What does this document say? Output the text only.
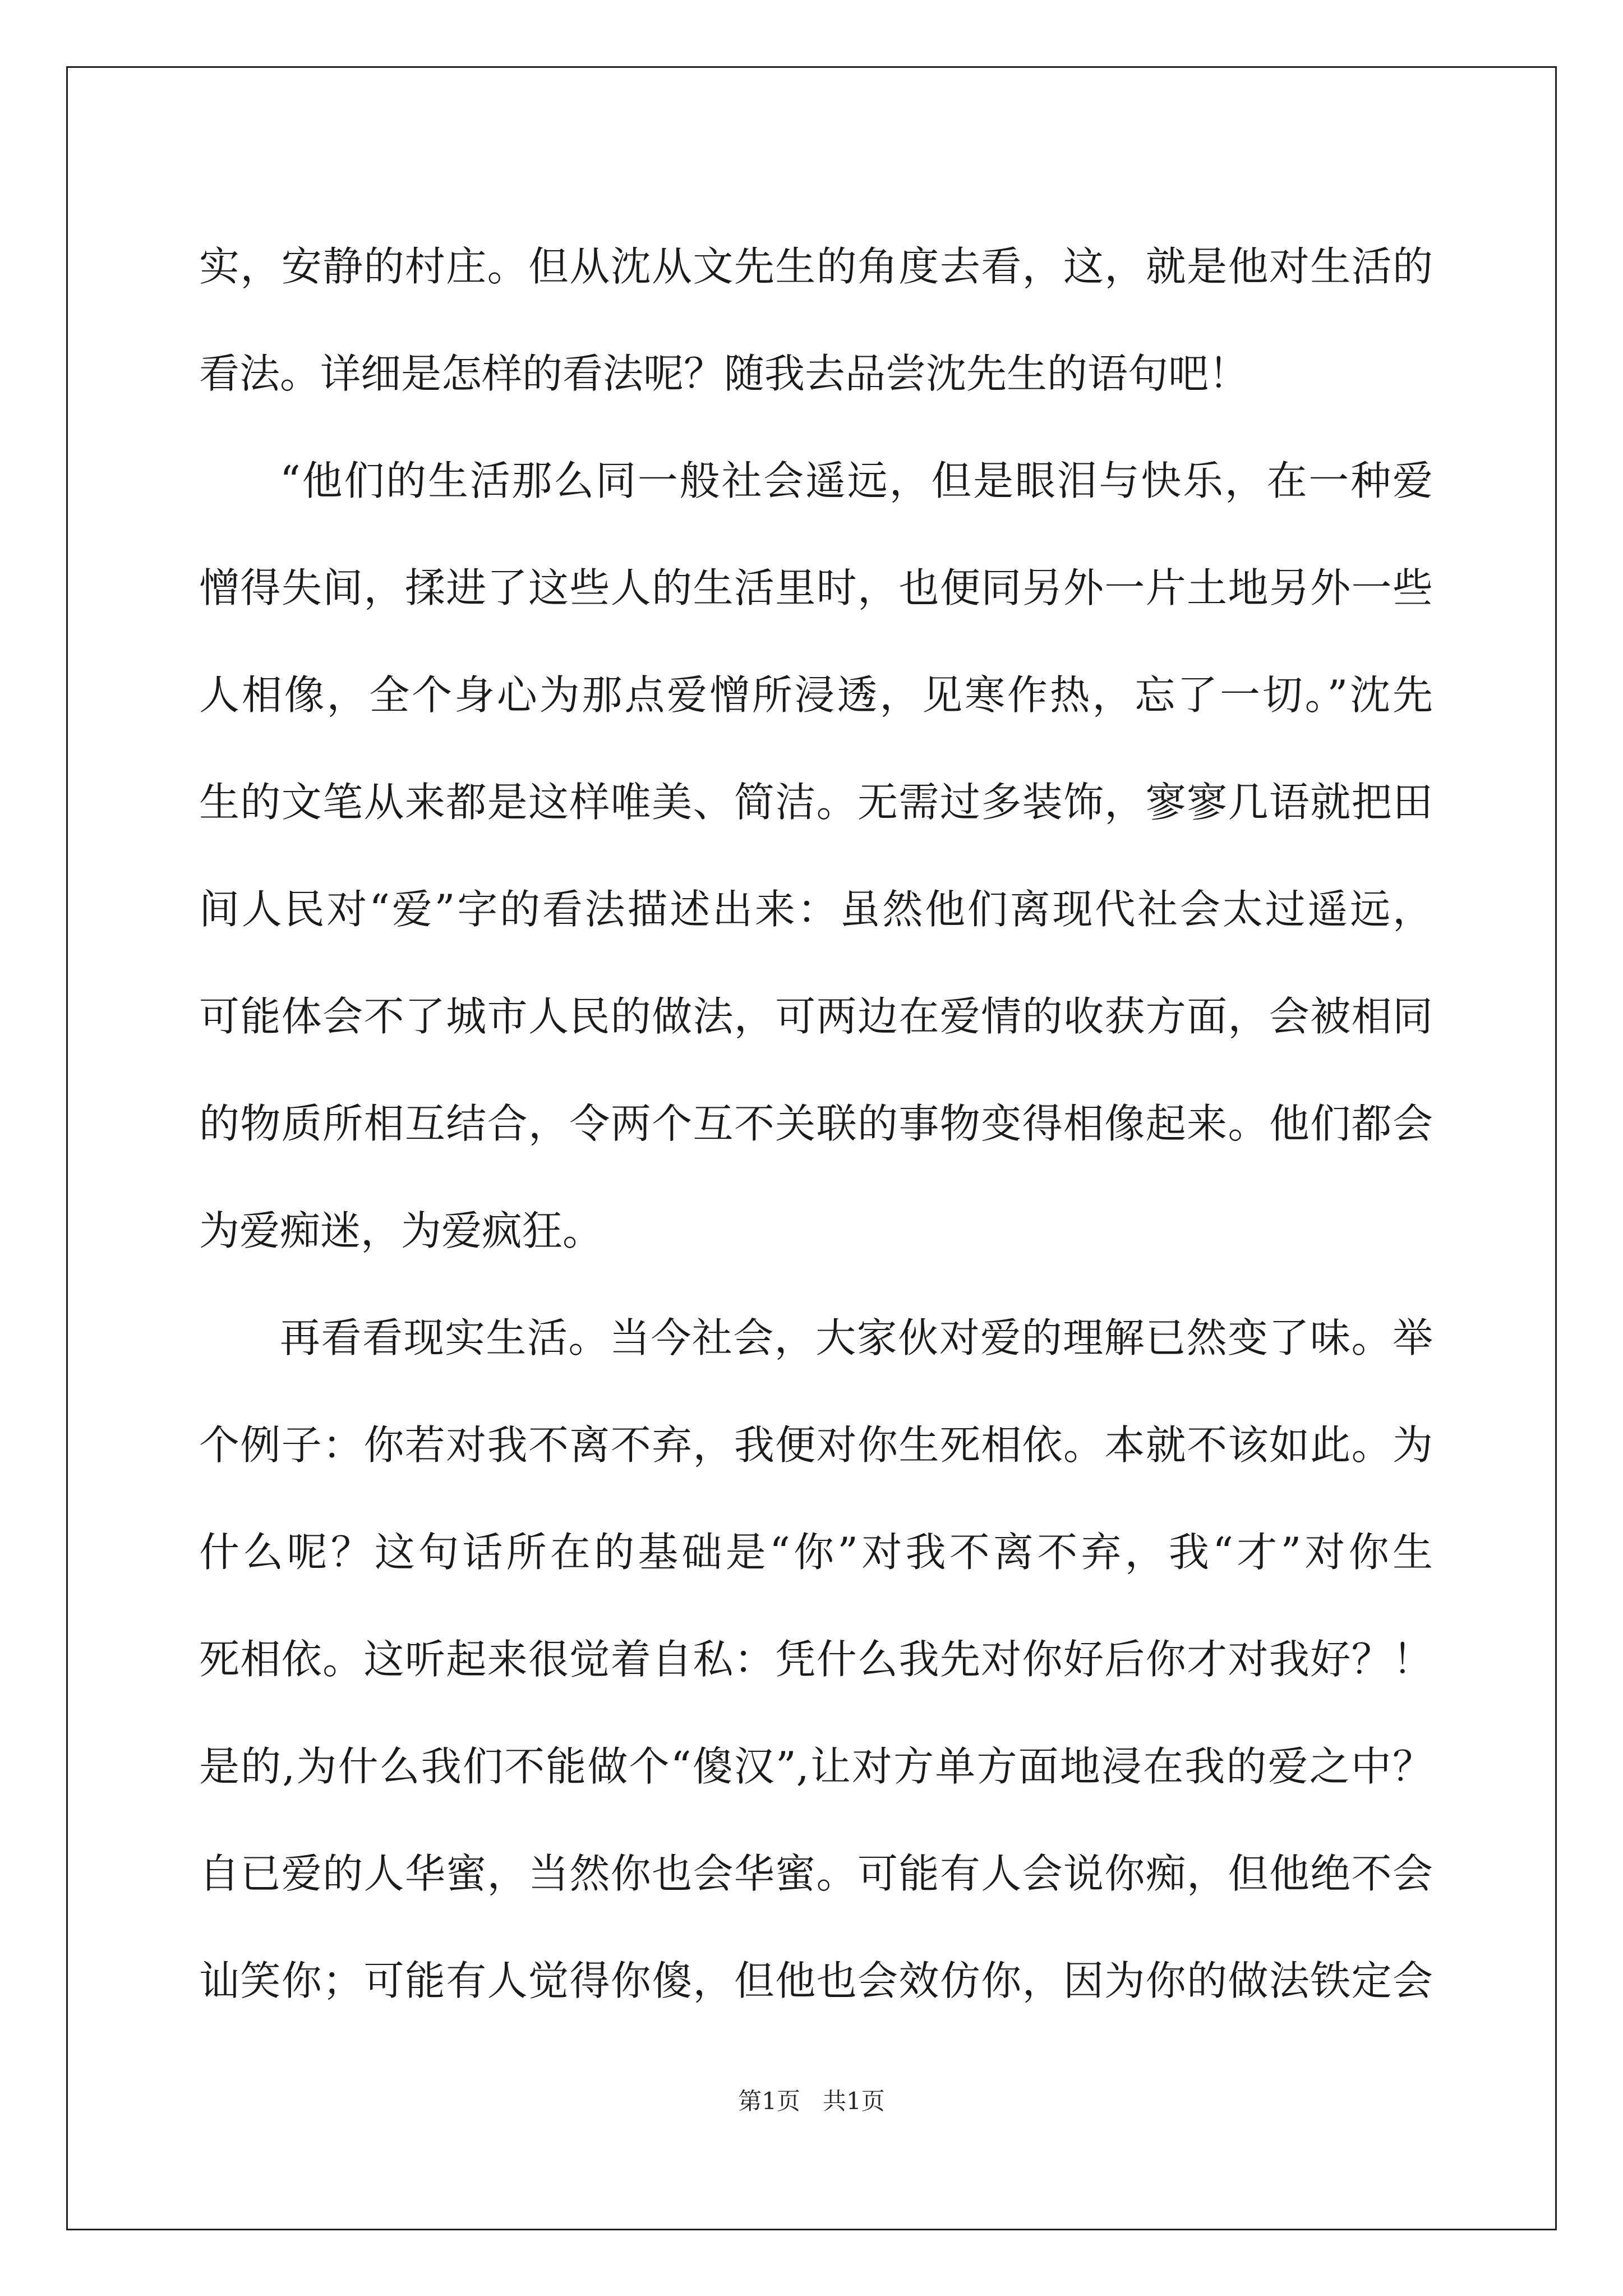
实，安静的村庄。但从沈从文先生的角度去看，这，就是他对生活的
看法。详细是怎样的看法呢？随我去品尝沈先生的语句吧！
“他们的生活那么同一般社会遥远，但是眼泪与快乐，在一种爱
憎得失间，揉进了这些人的生活里时，也便同另外一片土地另外一些
人相像，全个身心为那点爱憎所浸透，见寒作热，忘了一切。”沈先
生的文笔从来都是这样唯美、简洁。无需过多装饰，寥寥几语就把田
间人民对“爱”字的看法描述出来：虽然他们离现代社会太过遥远，
可能体会不了城市人民的做法，可两边在爱情的收获方面，会被相同
的物质所相互结合，令两个互不关联的事物变得相像起来。他们都会
为爱痴迷，为爱疯狂。
再看看现实生活。当今社会，大家伙对爱的理解已然变了味。举
个例子：你若对我不离不弃，我便对你生死相依。本就不该如此。为
什么呢？这句话所在的基础是“你”对我不离不弃，我“才”对你生
死相依。这听起来很觉着自私：凭什么我先对你好后你才对我好？！
是的,为什么我们不能做个“傻汉”,让对方单方面地浸在我的爱之中？
自已爱的人华蜜，当然你也会华蜜。可能有人会说你痴，但他绝不会
讪笑你；可能有人觉得你傻，但他也会效仿你，因为你的做法铁定会
第1页 共1页
